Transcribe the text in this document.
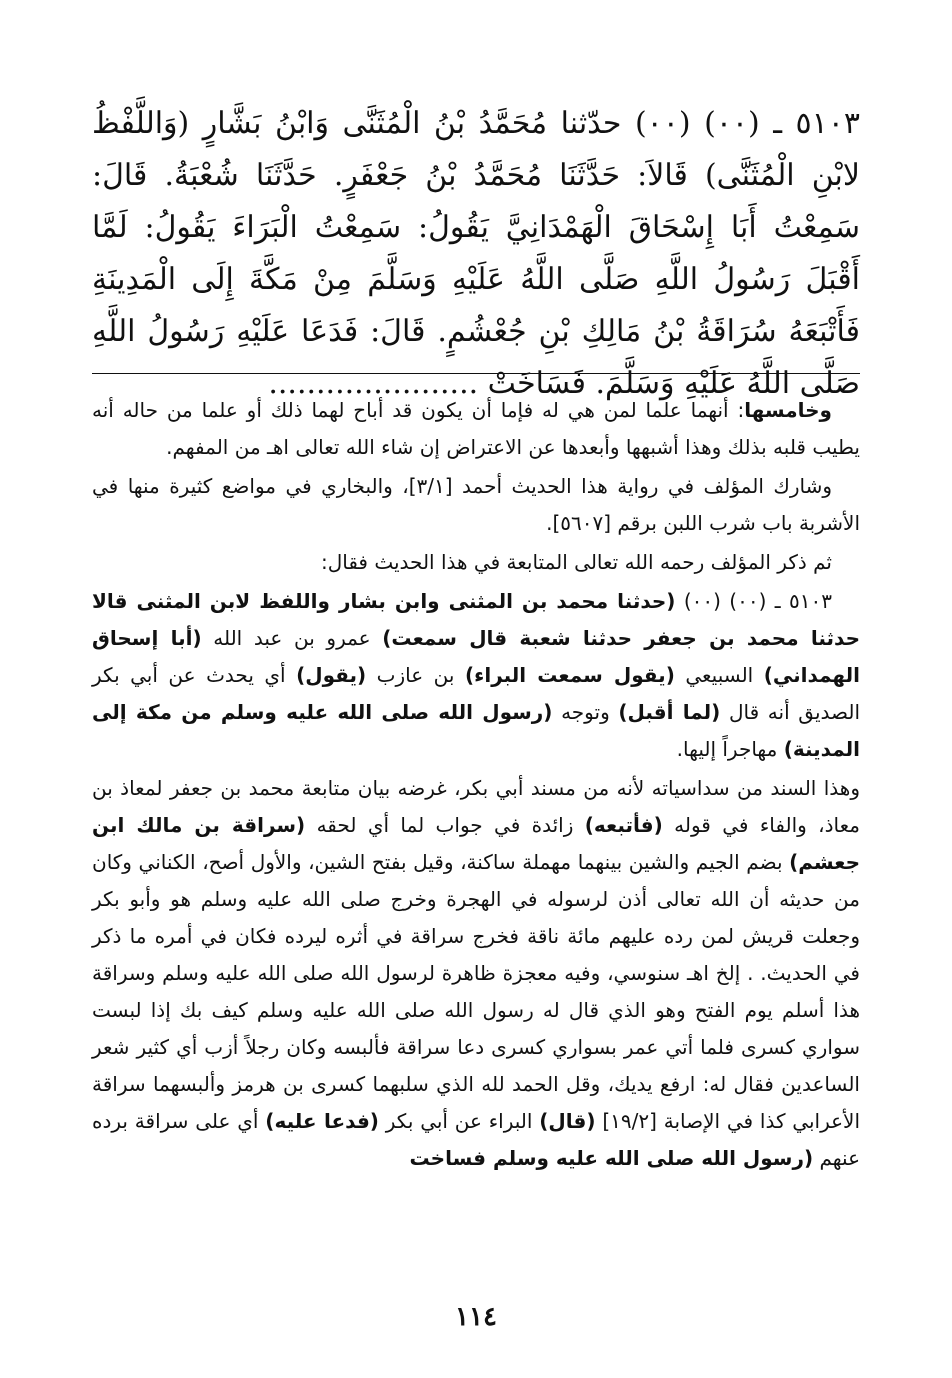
٥١٠٣ ـ (٠٠) (٠٠) حدّثنا مُحَمَّدُ بْنُ الْمُثَنَّى وَابْنُ بَشَّارٍ (وَاللَّفْظُ لابْنِ الْمُثَنَّى) قَالاَ: حَدَّثَنَا مُحَمَّدُ بْنُ جَعْفَرٍ. حَدَّثَنَا شُعْبَةُ. قَالَ: سَمِعْتُ أَبَا إِسْحَاقَ الْهَمْدَانِيَّ يَقُولُ: سَمِعْتُ الْبَرَاءَ يَقُولُ: لَمَّا أَقْبَلَ رَسُولُ اللَّهِ صَلَّى اللَّهُ عَلَيْهِ وَسَلَّمَ مِنْ مَكَّةَ إِلَى الْمَدِينَةِ فَأَتْبَعَهُ سُرَاقَةُ بْنُ مَالِكِ بْنِ جُعْشُمٍ. قَالَ: فَدَعَا عَلَيْهِ رَسُولُ اللَّهِ صَلَّى اللَّهُ عَلَيْهِ وَسَلَّمَ. فَسَاخَتْ ......................

وخامسها: أنهما علما لمن هي له فإما أن يكون قد أباح لهما ذلك أو علما من حاله أنه يطيب قلبه بذلك وهذا أشبهها وأبعدها عن الاعتراض إن شاء الله تعالى اهـ من المفهم.

وشارك المؤلف في رواية هذا الحديث أحمد [٣/١]، والبخاري في مواضع كثيرة منها في الأشربة باب شرب اللبن برقم [٥٦٠٧].

ثم ذكر المؤلف رحمه الله تعالى المتابعة في هذا الحديث فقال:

٥١٠٣ ـ (٠٠) (٠٠) (حدثنا محمد بن المثنى وابن بشار واللفظ لابن المثنى قالا حدثنا محمد بن جعفر حدثنا شعبة قال سمعت) عمرو بن عبد الله (أبا إسحاق الهمداني) السبيعي (يقول سمعت البراء) بن عازب (يقول) أي يحدث عن أبي بكر الصديق أنه قال (لما أقبل) وتوجه (رسول الله صلى الله عليه وسلم من مكة إلى المدينة) مهاجراً إليها.

وهذا السند من سداسياته لأنه من مسند أبي بكر، غرضه بيان متابعة محمد بن جعفر لمعاذ بن معاذ، والفاء في قوله (فأتبعه) زائدة في جواب لما أي لحقه (سراقة بن مالك ابن جعشم) بضم الجيم والشين بينهما مهملة ساكنة، وقيل بفتح الشين، والأول أصح، الكناني وكان من حديثه أن الله تعالى أذن لرسوله في الهجرة وخرج صلى الله عليه وسلم هو وأبو بكر وجعلت قريش لمن رده عليهم مائة ناقة فخرج سراقة في أثره ليرده فكان في أمره ما ذكر في الحديث. . إلخ اهـ سنوسي، وفيه معجزة ظاهرة لرسول الله صلى الله عليه وسلم وسراقة هذا أسلم يوم الفتح وهو الذي قال له رسول الله صلى الله عليه وسلم كيف بك إذا لبست سواري كسرى فلما أتي عمر بسواري كسرى دعا سراقة فألبسه وكان رجلاً أزب أي كثير شعر الساعدين فقال له: ارفع يديك، وقل الحمد لله الذي سلبهما كسرى بن هرمز وألبسهما سراقة الأعرابي كذا في الإصابة [١٩/٢] (قال) البراء عن أبي بكر (فدعا عليه) أي على سراقة برده عنهم (رسول الله صلى الله عليه وسلم فساخت

١١٤
